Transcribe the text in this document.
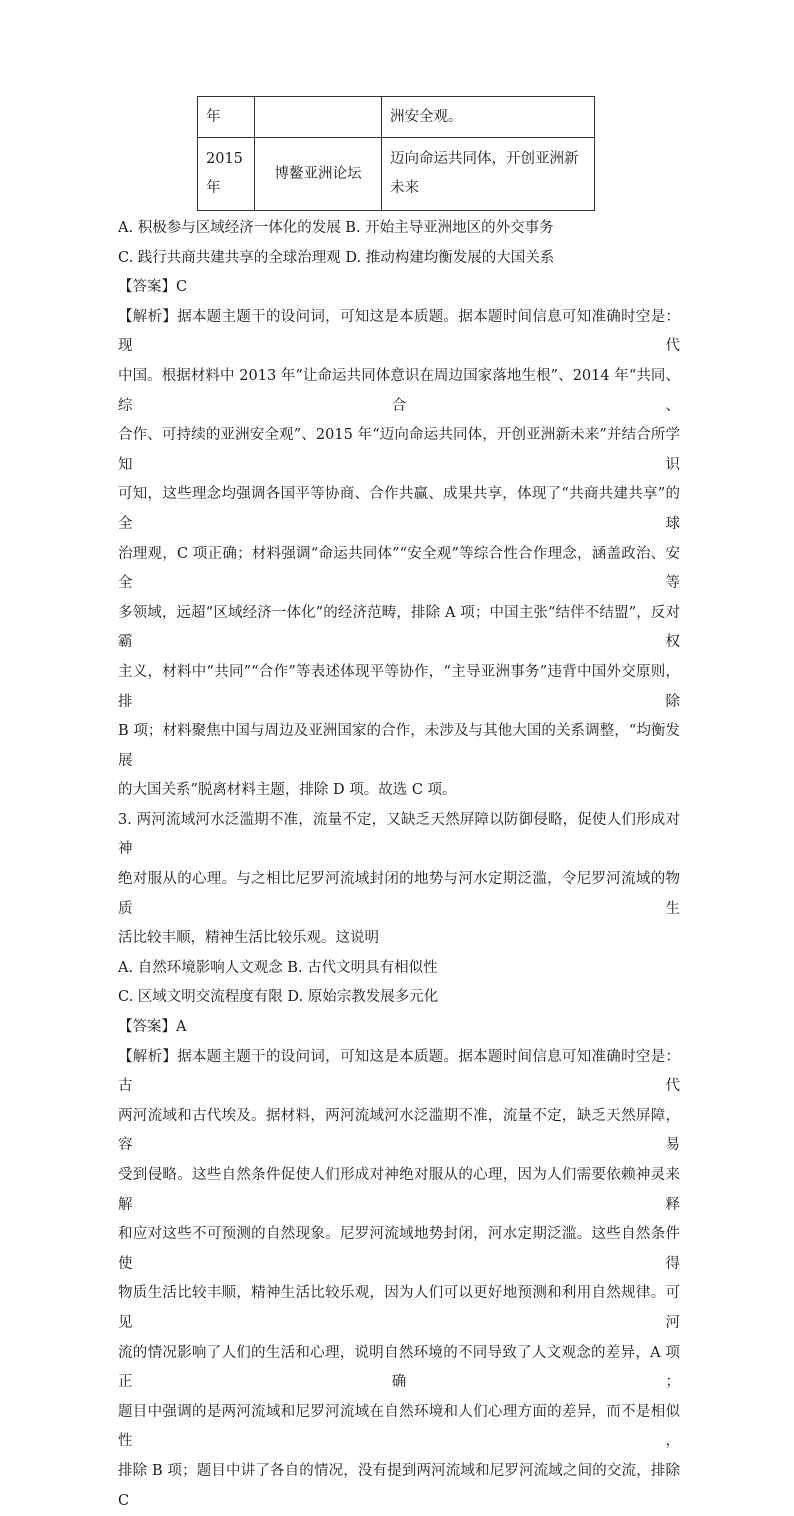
年		洲安全观。
2015年	博鳌亚洲论坛	迈向命运共同体，开创亚洲新未来

A. 积极参与区域经济一体化的发展 B. 开始主导亚洲地区的外交事务

C. 践行共商共建共享的全球治理观 D. 推动构建均衡发展的大国关系

【答案】C

【解析】据本题主题干的设问词，可知这是本质题。据本题时间信息可知准确时空是：现代

中国。根据材料中 2013 年“让命运共同体意识在周边国家落地生根”、2014 年“共同、综合、

合作、可持续的亚洲安全观”、2015 年“迈向命运共同体，开创亚洲新未来”并结合所学知识

可知，这些理念均强调各国平等协商、合作共赢、成果共享，体现了“共商共建共享”的全球

治理观，C 项正确；材料强调“命运共同体”“安全观”等综合性合作理念，涵盖政治、安全等

多领域，远超“区域经济一体化”的经济范畴，排除 A 项；中国主张“结伴不结盟”，反对霸权

主义，材料中“共同”“合作”等表述体现平等协作，“主导亚洲事务”违背中国外交原则，排除

B 项；材料聚焦中国与周边及亚洲国家的合作，未涉及与其他大国的关系调整，“均衡发展

的大国关系”脱离材料主题，排除 D 项。故选 C 项。

3. 两河流域河水泛滥期不准，流量不定，又缺乏天然屏障以防御侵略，促使人们形成对神

绝对服从的心理。与之相比尼罗河流域封闭的地势与河水定期泛滥，令尼罗河流域的物质生

活比较丰顺，精神生活比较乐观。这说明

A. 自然环境影响人文观念 B. 古代文明具有相似性

C. 区域文明交流程度有限 D. 原始宗教发展多元化

【答案】A

【解析】据本题主题干的设问词，可知这是本质题。据本题时间信息可知准确时空是：古代

两河流域和古代埃及。据材料，两河流域河水泛滥期不准，流量不定，缺乏天然屏障，容易

受到侵略。这些自然条件促使人们形成对神绝对服从的心理，因为人们需要依赖神灵来解释

和应对这些不可预测的自然现象。尼罗河流域地势封闭，河水定期泛滥。这些自然条件使得

物质生活比较丰顺，精神生活比较乐观，因为人们可以更好地预测和利用自然规律。可见河

流的情况影响了人们的生活和心理，说明自然环境的不同导致了人文观念的差异，A 项正确；

题目中强调的是两河流域和尼罗河流域在自然环境和人们心理方面的差异，而不是相似性，

排除 B 项；题目中讲了各自的情况，没有提到两河流域和尼罗河流域之间的交流，排除 C
